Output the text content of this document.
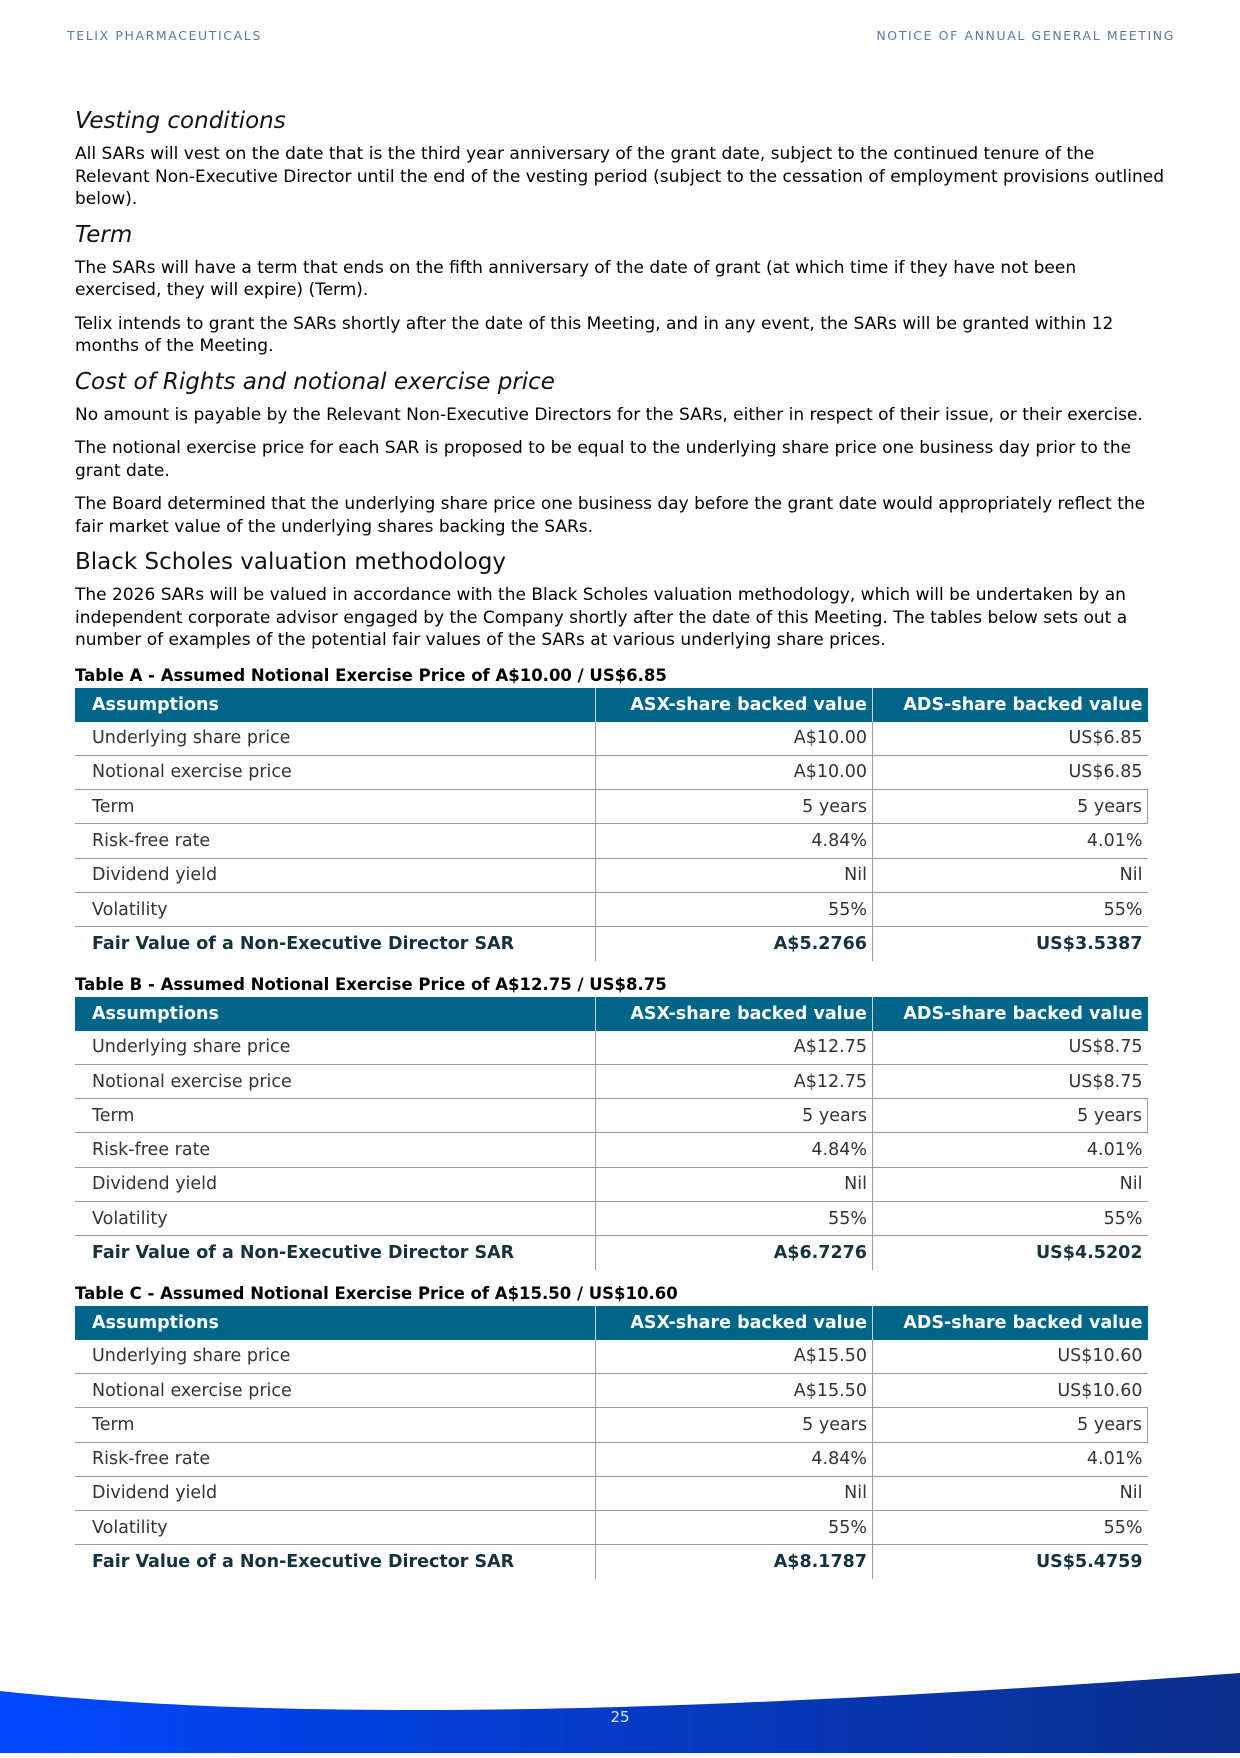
TELIX PHARMACEUTICALS	NOTICE OF ANNUAL GENERAL MEETING
Vesting conditions

All SARs will vest on the date that is the third year anniversary of the grant date, subject to the continued tenure of the Relevant Non-Executive Director until the end of the vesting period (subject to the cessation of employment provisions outlined below).

Term

The SARs will have a term that ends on the fifth anniversary of the date of grant (at which time if they have not been exercised, they will expire) (Term).

Telix intends to grant the SARs shortly after the date of this Meeting, and in any event, the SARs will be granted within 12 months of the Meeting.

Cost of Rights and notional exercise price

No amount is payable by the Relevant Non-Executive Directors for the SARs, either in respect of their issue, or their exercise.

The notional exercise price for each SAR is proposed to be equal to the underlying share price one business day prior to the grant date.

The Board determined that the underlying share price one business day before the grant date would appropriately reflect the fair market value of the underlying shares backing the SARs.

Black Scholes valuation methodology

The 2026 SARs will be valued in accordance with the Black Scholes valuation methodology, which will be undertaken by an independent corporate advisor engaged by the Company shortly after the date of this Meeting. The tables below sets out a number of examples of the potential fair values of the SARs at various underlying share prices.

Table A - Assumed Notional Exercise Price of A$10.00 / US$6.85
Assumptions	ASX-share backed value	ADS-share backed value
Underlying share price	A$10.00	US$6.85
Notional exercise price	A$10.00	US$6.85
Term	5 years	5 years
Risk-free rate	4.84%	4.01%
Dividend yield	Nil	Nil
Volatility	55%	55%
Fair Value of a Non-Executive Director SAR	A$5.2766	US$3.5387
Table B - Assumed Notional Exercise Price of A$12.75 / US$8.75
Assumptions	ASX-share backed value	ADS-share backed value
Underlying share price	A$12.75	US$8.75
Notional exercise price	A$12.75	US$8.75
Term	5 years	5 years
Risk-free rate	4.84%	4.01%
Dividend yield	Nil	Nil
Volatility	55%	55%
Fair Value of a Non-Executive Director SAR	A$6.7276	US$4.5202
Table C - Assumed Notional Exercise Price of A$15.50 / US$10.60
Assumptions	ASX-share backed value	ADS-share backed value
Underlying share price	A$15.50	US$10.60
Notional exercise price	A$15.50	US$10.60
Term	5 years	5 years
Risk-free rate	4.84%	4.01%
Dividend yield	Nil	Nil
Volatility	55%	55%
Fair Value of a Non-Executive Director SAR	A$8.1787	US$5.4759
25
